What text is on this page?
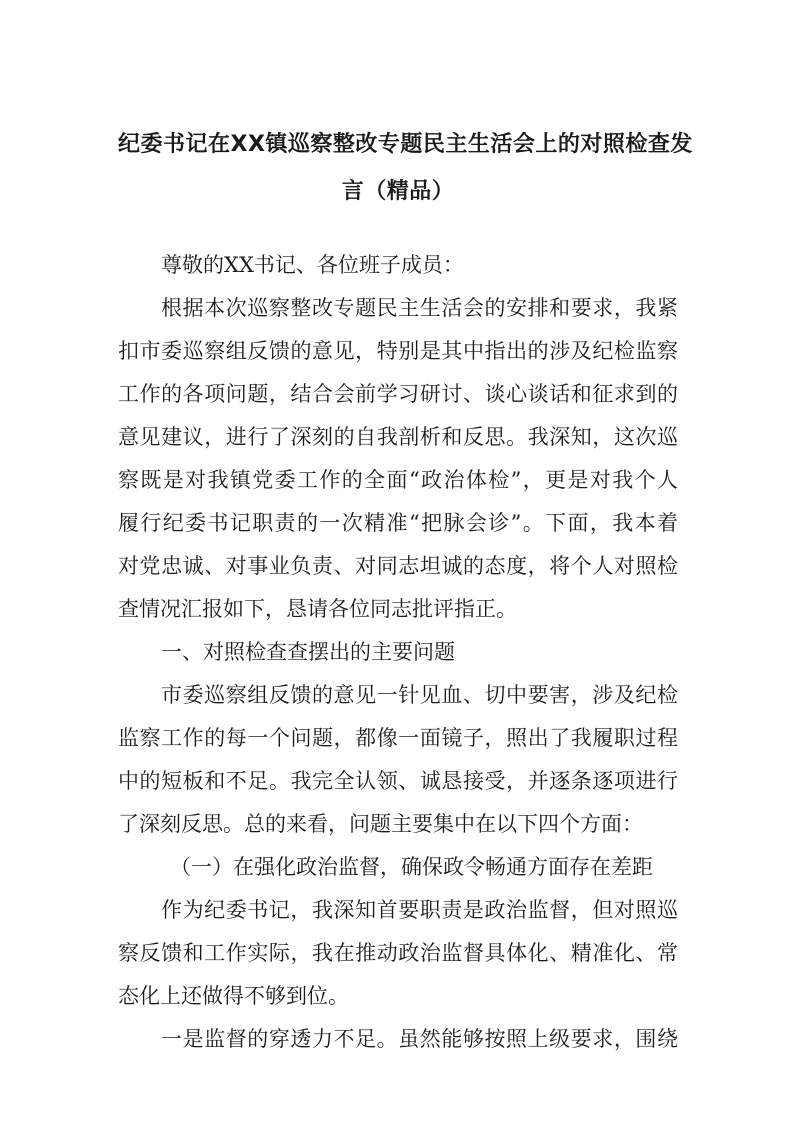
纪委书记在XX镇巡察整改专题民主生活会上的对照检查发
言（精品）

尊敬的XX书记、各位班子成员：

根据本次巡察整改专题民主生活会的安排和要求，我紧

扣市委巡察组反馈的意见，特别是其中指出的涉及纪检监察

工作的各项问题，结合会前学习研讨、谈心谈话和征求到的

意见建议，进行了深刻的自我剖析和反思。我深知，这次巡

察既是对我镇党委工作的全面“政治体检”，更是对我个人

履行纪委书记职责的一次精准“把脉会诊”。下面，我本着

对党忠诚、对事业负责、对同志坦诚的态度，将个人对照检

查情况汇报如下，恳请各位同志批评指正。

一、对照检查查摆出的主要问题

市委巡察组反馈的意见一针见血、切中要害，涉及纪检

监察工作的每一个问题，都像一面镜子，照出了我履职过程

中的短板和不足。我完全认领、诚恳接受，并逐条逐项进行

了深刻反思。总的来看，问题主要集中在以下四个方面：

（一）在强化政治监督，确保政令畅通方面存在差距

作为纪委书记，我深知首要职责是政治监督，但对照巡

察反馈和工作实际，我在推动政治监督具体化、精准化、常

态化上还做得不够到位。

一是监督的穿透力不足。虽然能够按照上级要求，围绕
